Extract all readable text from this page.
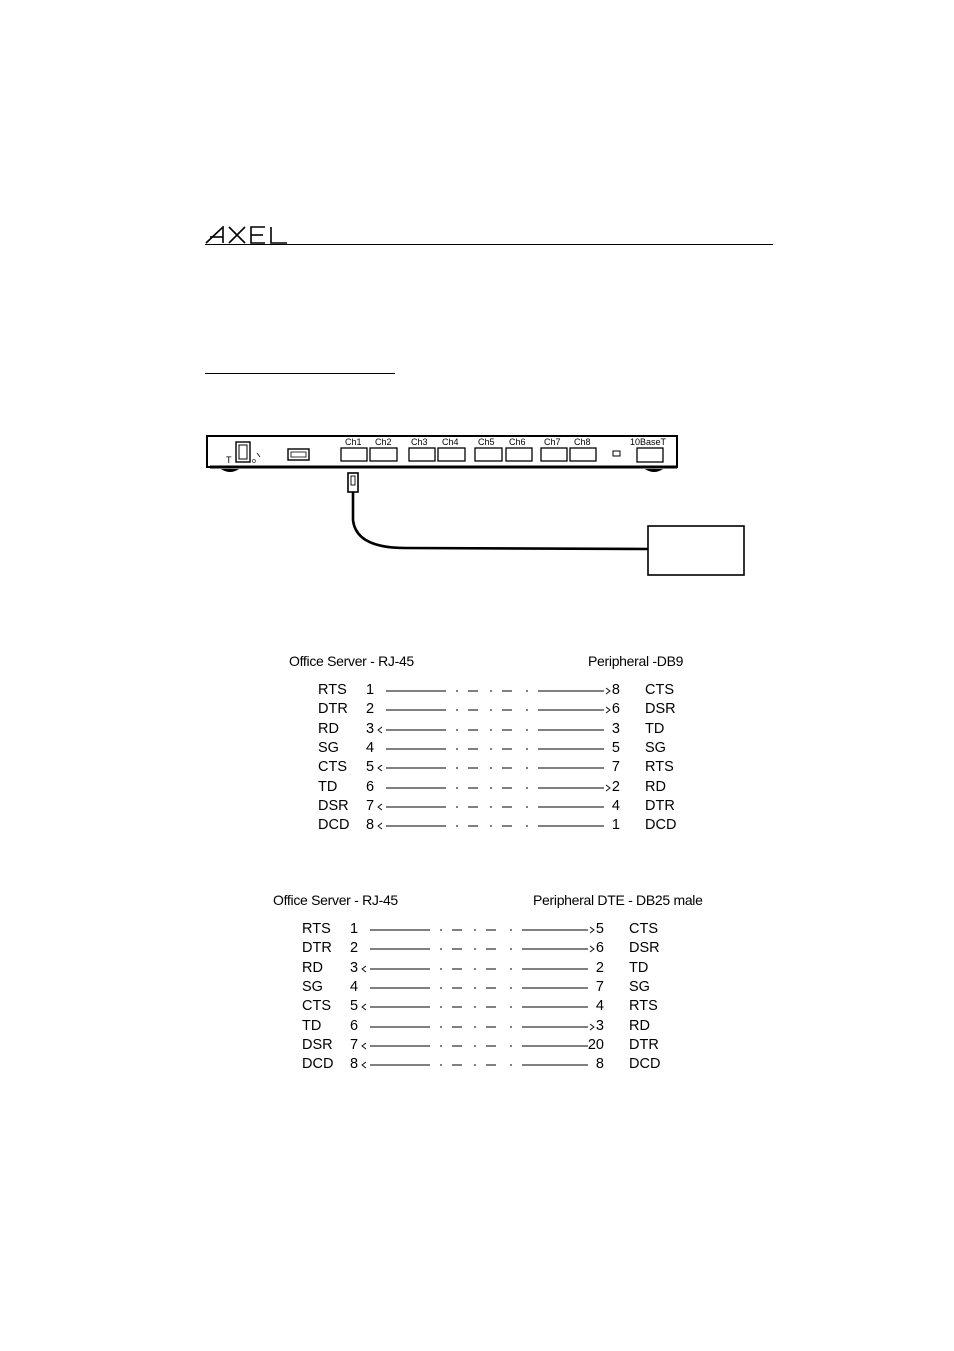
T	o
Ch1 Ch2 Ch3 Ch4 Ch5 Ch6 Ch7 Ch8	10BaseT
Office Server - RJ-45	Peripheral -DB9
RTS 1	8 CTS
DTR 2	6 DSR
RD 3	3 TD
SG 4	5 SG
CTS 5	7 RTS
TD 6	2 RD
DSR 7	4 DTR
DCD 8	1 DCD
Office Server - RJ-45	Peripheral DTE - DB25 male
RTS 1	5 CTS
DTR 2	6 DSR
RD 3	2 TD
SG 4	7 SG
CTS 5	4 RTS
TD 6	3 RD
DSR 7	20 DTR
DCD 8	8 DCD
